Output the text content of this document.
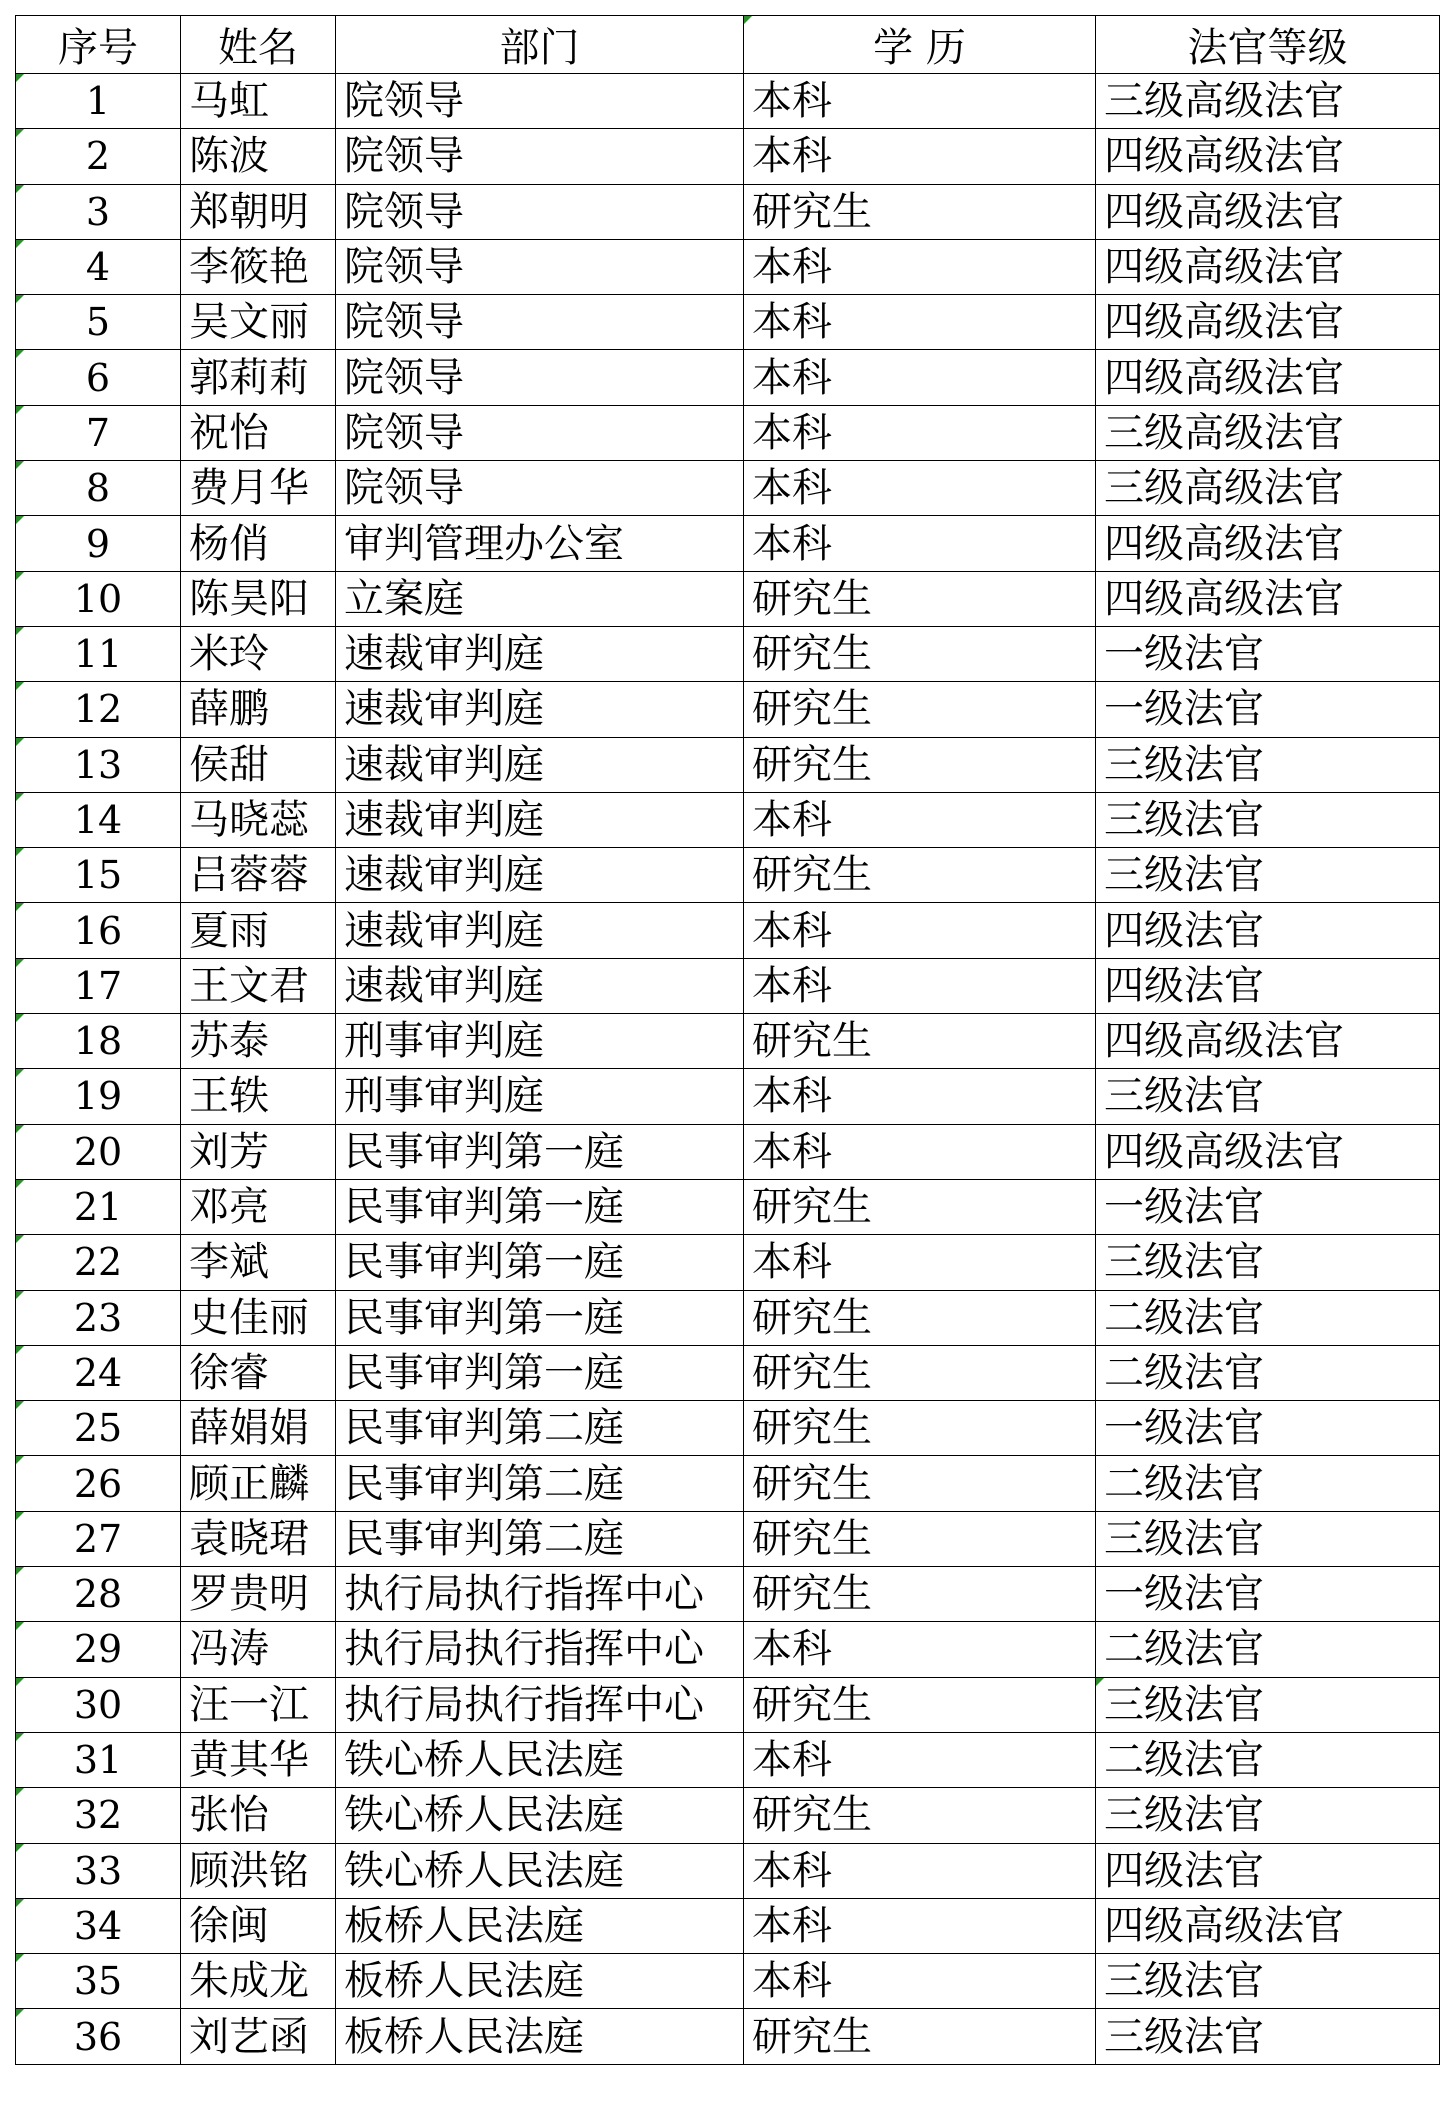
序号	姓名	部门	学 历	法官等级
1	马虹	院领导	本科	三级高级法官
2	陈波	院领导	本科	四级高级法官
3	郑朝明	院领导	研究生	四级高级法官
4	李筱艳	院领导	本科	四级高级法官
5	吴文丽	院领导	本科	四级高级法官
6	郭莉莉	院领导	本科	四级高级法官
7	祝怡	院领导	本科	三级高级法官
8	费月华	院领导	本科	三级高级法官
9	杨俏	审判管理办公室	本科	四级高级法官
10	陈昊阳	立案庭	研究生	四级高级法官
11	米玲	速裁审判庭	研究生	一级法官
12	薛鹏	速裁审判庭	研究生	一级法官
13	侯甜	速裁审判庭	研究生	三级法官
14	马晓蕊	速裁审判庭	本科	三级法官
15	吕蓉蓉	速裁审判庭	研究生	三级法官
16	夏雨	速裁审判庭	本科	四级法官
17	王文君	速裁审判庭	本科	四级法官
18	苏泰	刑事审判庭	研究生	四级高级法官
19	王轶	刑事审判庭	本科	三级法官
20	刘芳	民事审判第一庭	本科	四级高级法官
21	邓亮	民事审判第一庭	研究生	一级法官
22	李斌	民事审判第一庭	本科	三级法官
23	史佳丽	民事审判第一庭	研究生	二级法官
24	徐睿	民事审判第一庭	研究生	二级法官
25	薛娟娟	民事审判第二庭	研究生	一级法官
26	顾正麟	民事审判第二庭	研究生	二级法官
27	袁晓珺	民事审判第二庭	研究生	三级法官
28	罗贵明	执行局执行指挥中心	研究生	一级法官
29	冯涛	执行局执行指挥中心	本科	二级法官
30	汪一江	执行局执行指挥中心	研究生	三级法官
31	黄其华	铁心桥人民法庭	本科	二级法官
32	张怡	铁心桥人民法庭	研究生	三级法官
33	顾洪铭	铁心桥人民法庭	本科	四级法官
34	徐闽	板桥人民法庭	本科	四级高级法官
35	朱成龙	板桥人民法庭	本科	三级法官
36	刘艺函	板桥人民法庭	研究生	三级法官
